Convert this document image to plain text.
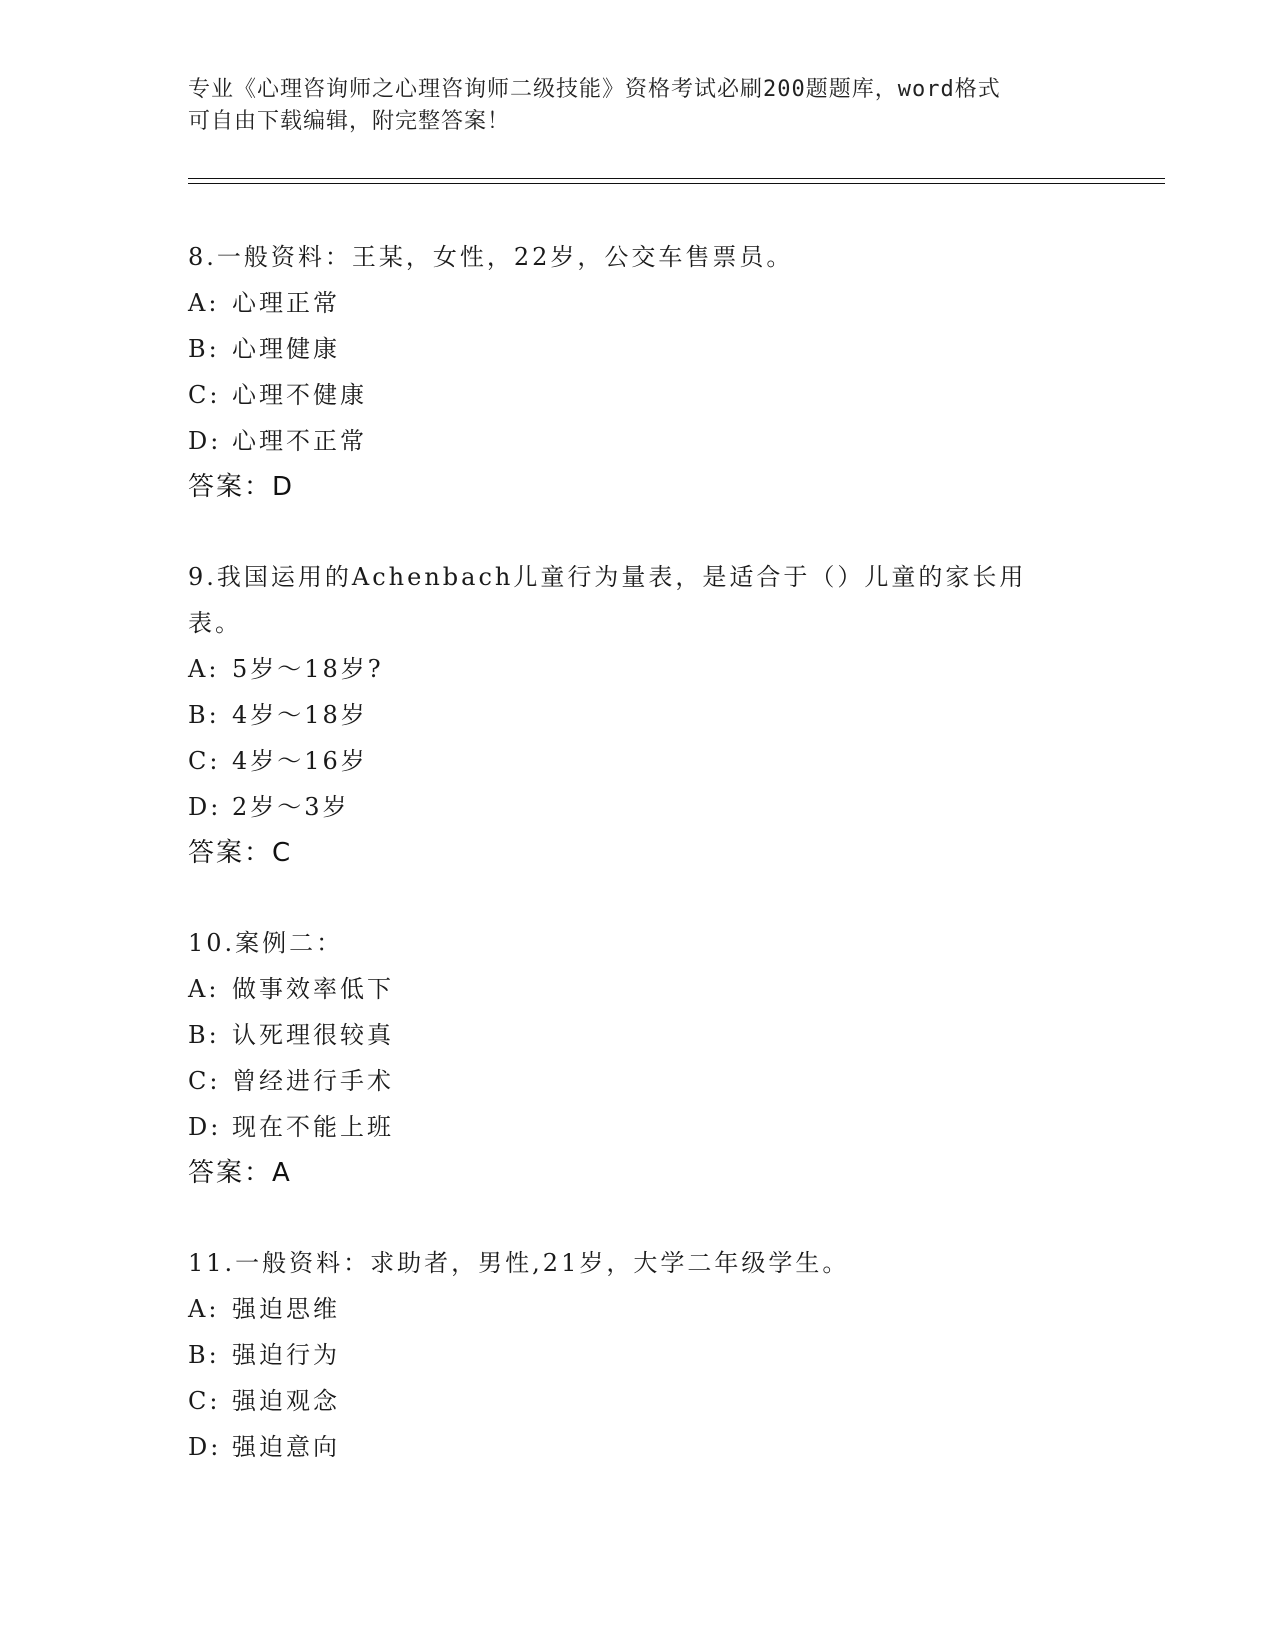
专业《心理咨询师之心理咨询师二级技能》资格考试必刷200题题库，word格式
可自由下载编辑，附完整答案！
8.一般资料：王某，女性，22岁，公交车售票员。
A: 心理正常
B: 心理健康
C: 心理不健康
D: 心理不正常
答案：D
9.我国运用的Achenbach儿童行为量表，是适合于（）儿童的家长用表。
A: 5岁～18岁?
B: 4岁～18岁
C: 4岁～16岁
D: 2岁～3岁
答案：C
10.案例二：
A: 做事效率低下
B: 认死理很较真
C: 曾经进行手术
D: 现在不能上班
答案：A
11.一般资料：求助者，男性,21岁，大学二年级学生。
A: 强迫思维
B: 强迫行为
C: 强迫观念
D: 强迫意向
